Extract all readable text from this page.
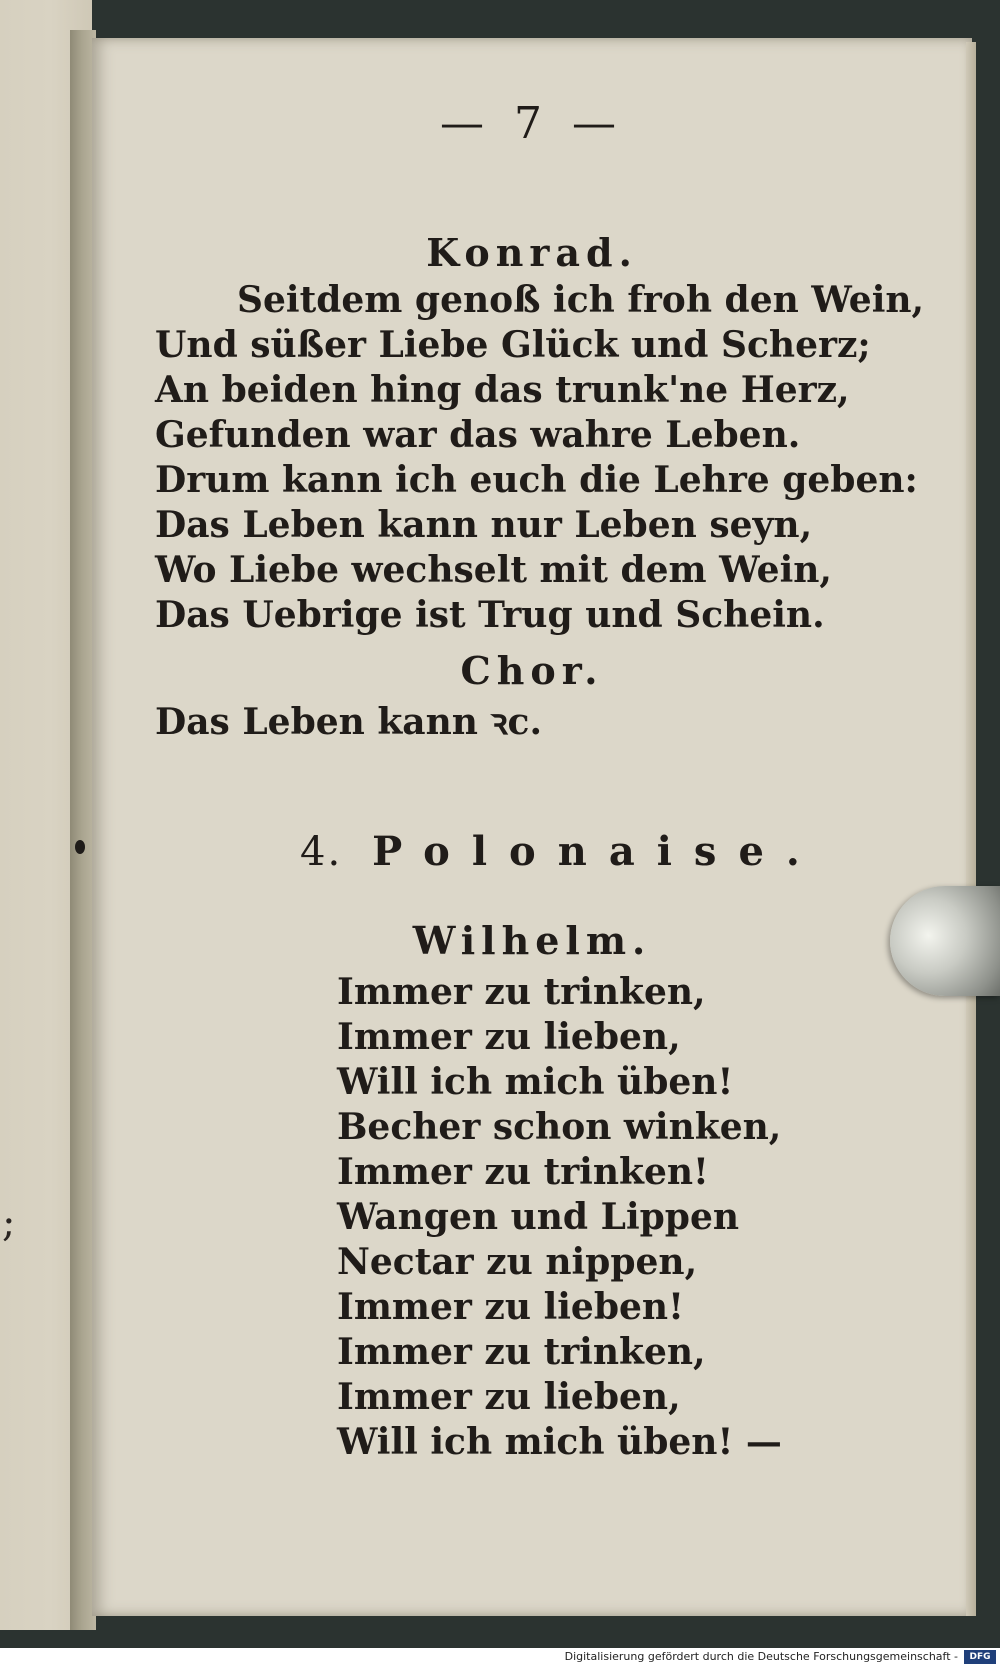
;
— 7 —
Konrad.
Seitdem genoß ich froh den Wein,
Und süßer Liebe Glück und Scherz;
An beiden hing das trunk'ne Herz,
Gefunden war das wahre Leben.
Drum kann ich euch die Lehre geben:
Das Leben kann nur Leben seyn,
Wo Liebe wechselt mit dem Wein,
Das Uebrige ist Trug und Schein.
Chor.
Das Leben kann ꝛc.
4. Polonaise.
Wilhelm.
Immer zu trinken,
Immer zu lieben,
Will ich mich üben!
Becher schon winken,
Immer zu trinken!
Wangen und Lippen
Nectar zu nippen,
Immer zu lieben!
Immer zu trinken,
Immer zu lieben,
Will ich mich üben! —
Digitalisierung gefördert durch die Deutsche Forschungsgemeinschaft -	DFG
